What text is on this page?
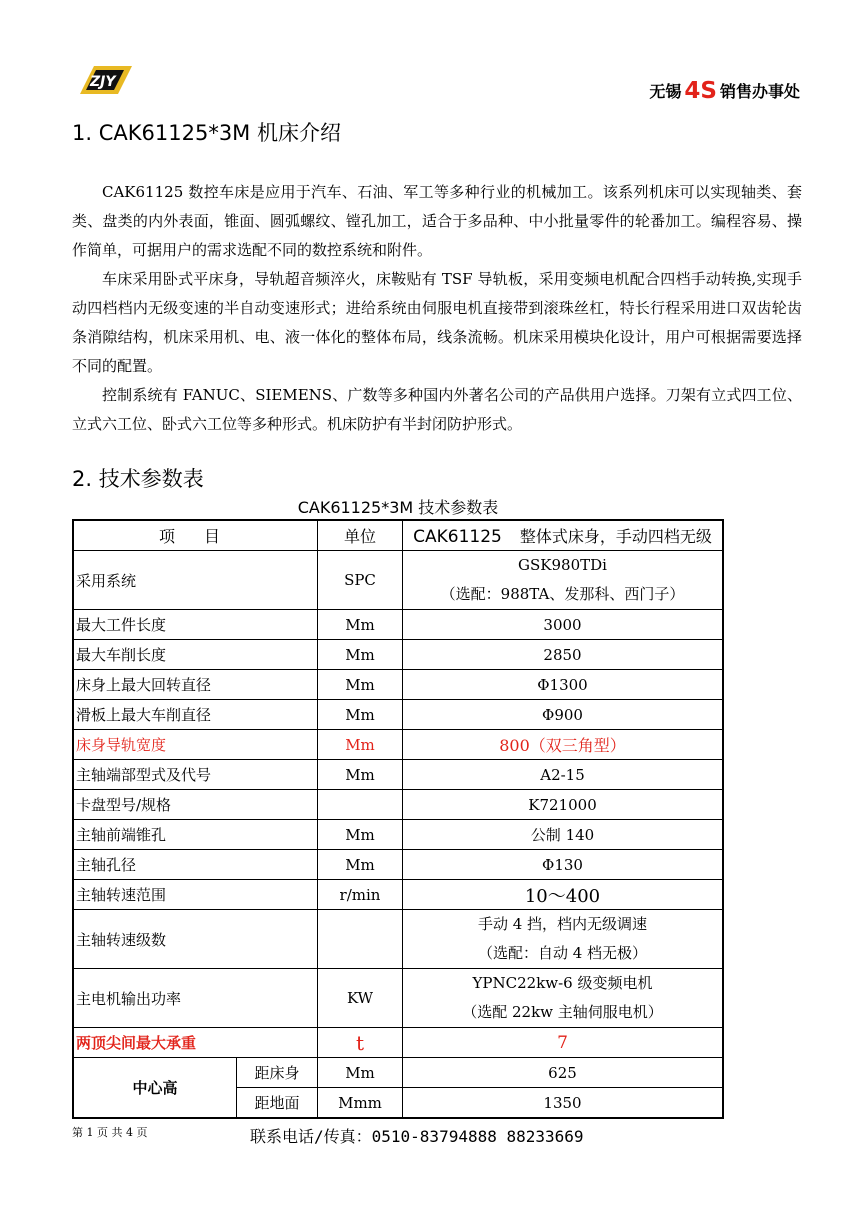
ZJY	无锡 4S 销售办事处
1. CAK61125*3M 机床介绍

CAK61125 数控车床是应用于汽车、石油、军工等多种行业的机械加工。该系列机床可以实现轴类、套类、盘类的内外表面，锥面、圆弧螺纹、镗孔加工，适合于多品种、中小批量零件的轮番加工。编程容易、操作简单，可据用户的需求选配不同的数控系统和附件。

车床采用卧式平床身，导轨超音频淬火，床鞍贴有 TSF 导轨板，采用变频电机配合四档手动转换,实现手动四档档内无级变速的半自动变速形式；进给系统由伺服电机直接带到滚珠丝杠，特长行程采用进口双齿轮齿条消隙结构，机床采用机、电、液一体化的整体布局，线条流畅。机床采用模块化设计，用户可根据需要选择不同的配置。

控制系统有 FANUC、SIEMENS、广数等多种国内外著名公司的产品供用户选择。刀架有立式四工位、立式六工位、卧式六工位等多种形式。机床防护有半封闭防护形式。

2. 技术参数表
CAK61125*3M 技术参数表
项 目		单位	CAK61125 整体式床身，手动四档无级
采用系统		SPC	GSK980TDi
（选配：988TA、发那科、西门子）

最大工件长度		Mm	3000
最大车削长度		Mm	2850
床身上最大回转直径		Mm	Φ1300
滑板上最大车削直径		Mm	Φ900
床身导轨宽度		Mm	800（双三角型）
主轴端部型式及代号		Mm	A2-15
卡盘型号/规格			K721000
主轴前端锥孔		Mm	公制 140
主轴孔径		Mm	Φ130
主轴转速范围		r/min	10～400
主轴转速级数			手动 4 挡，档内无级调速
（选配：自动 4 档无极）

主电机输出功率		KW	YPNC22kw-6 级变频电机
（选配 22kw 主轴伺服电机）

两顶尖间最大承重		t	7
中心高	距床身	Mm	625
	距地面	Mmm	1350
第 1 页 共 4 页	联系电话/传真：0510-83794888 88233669
